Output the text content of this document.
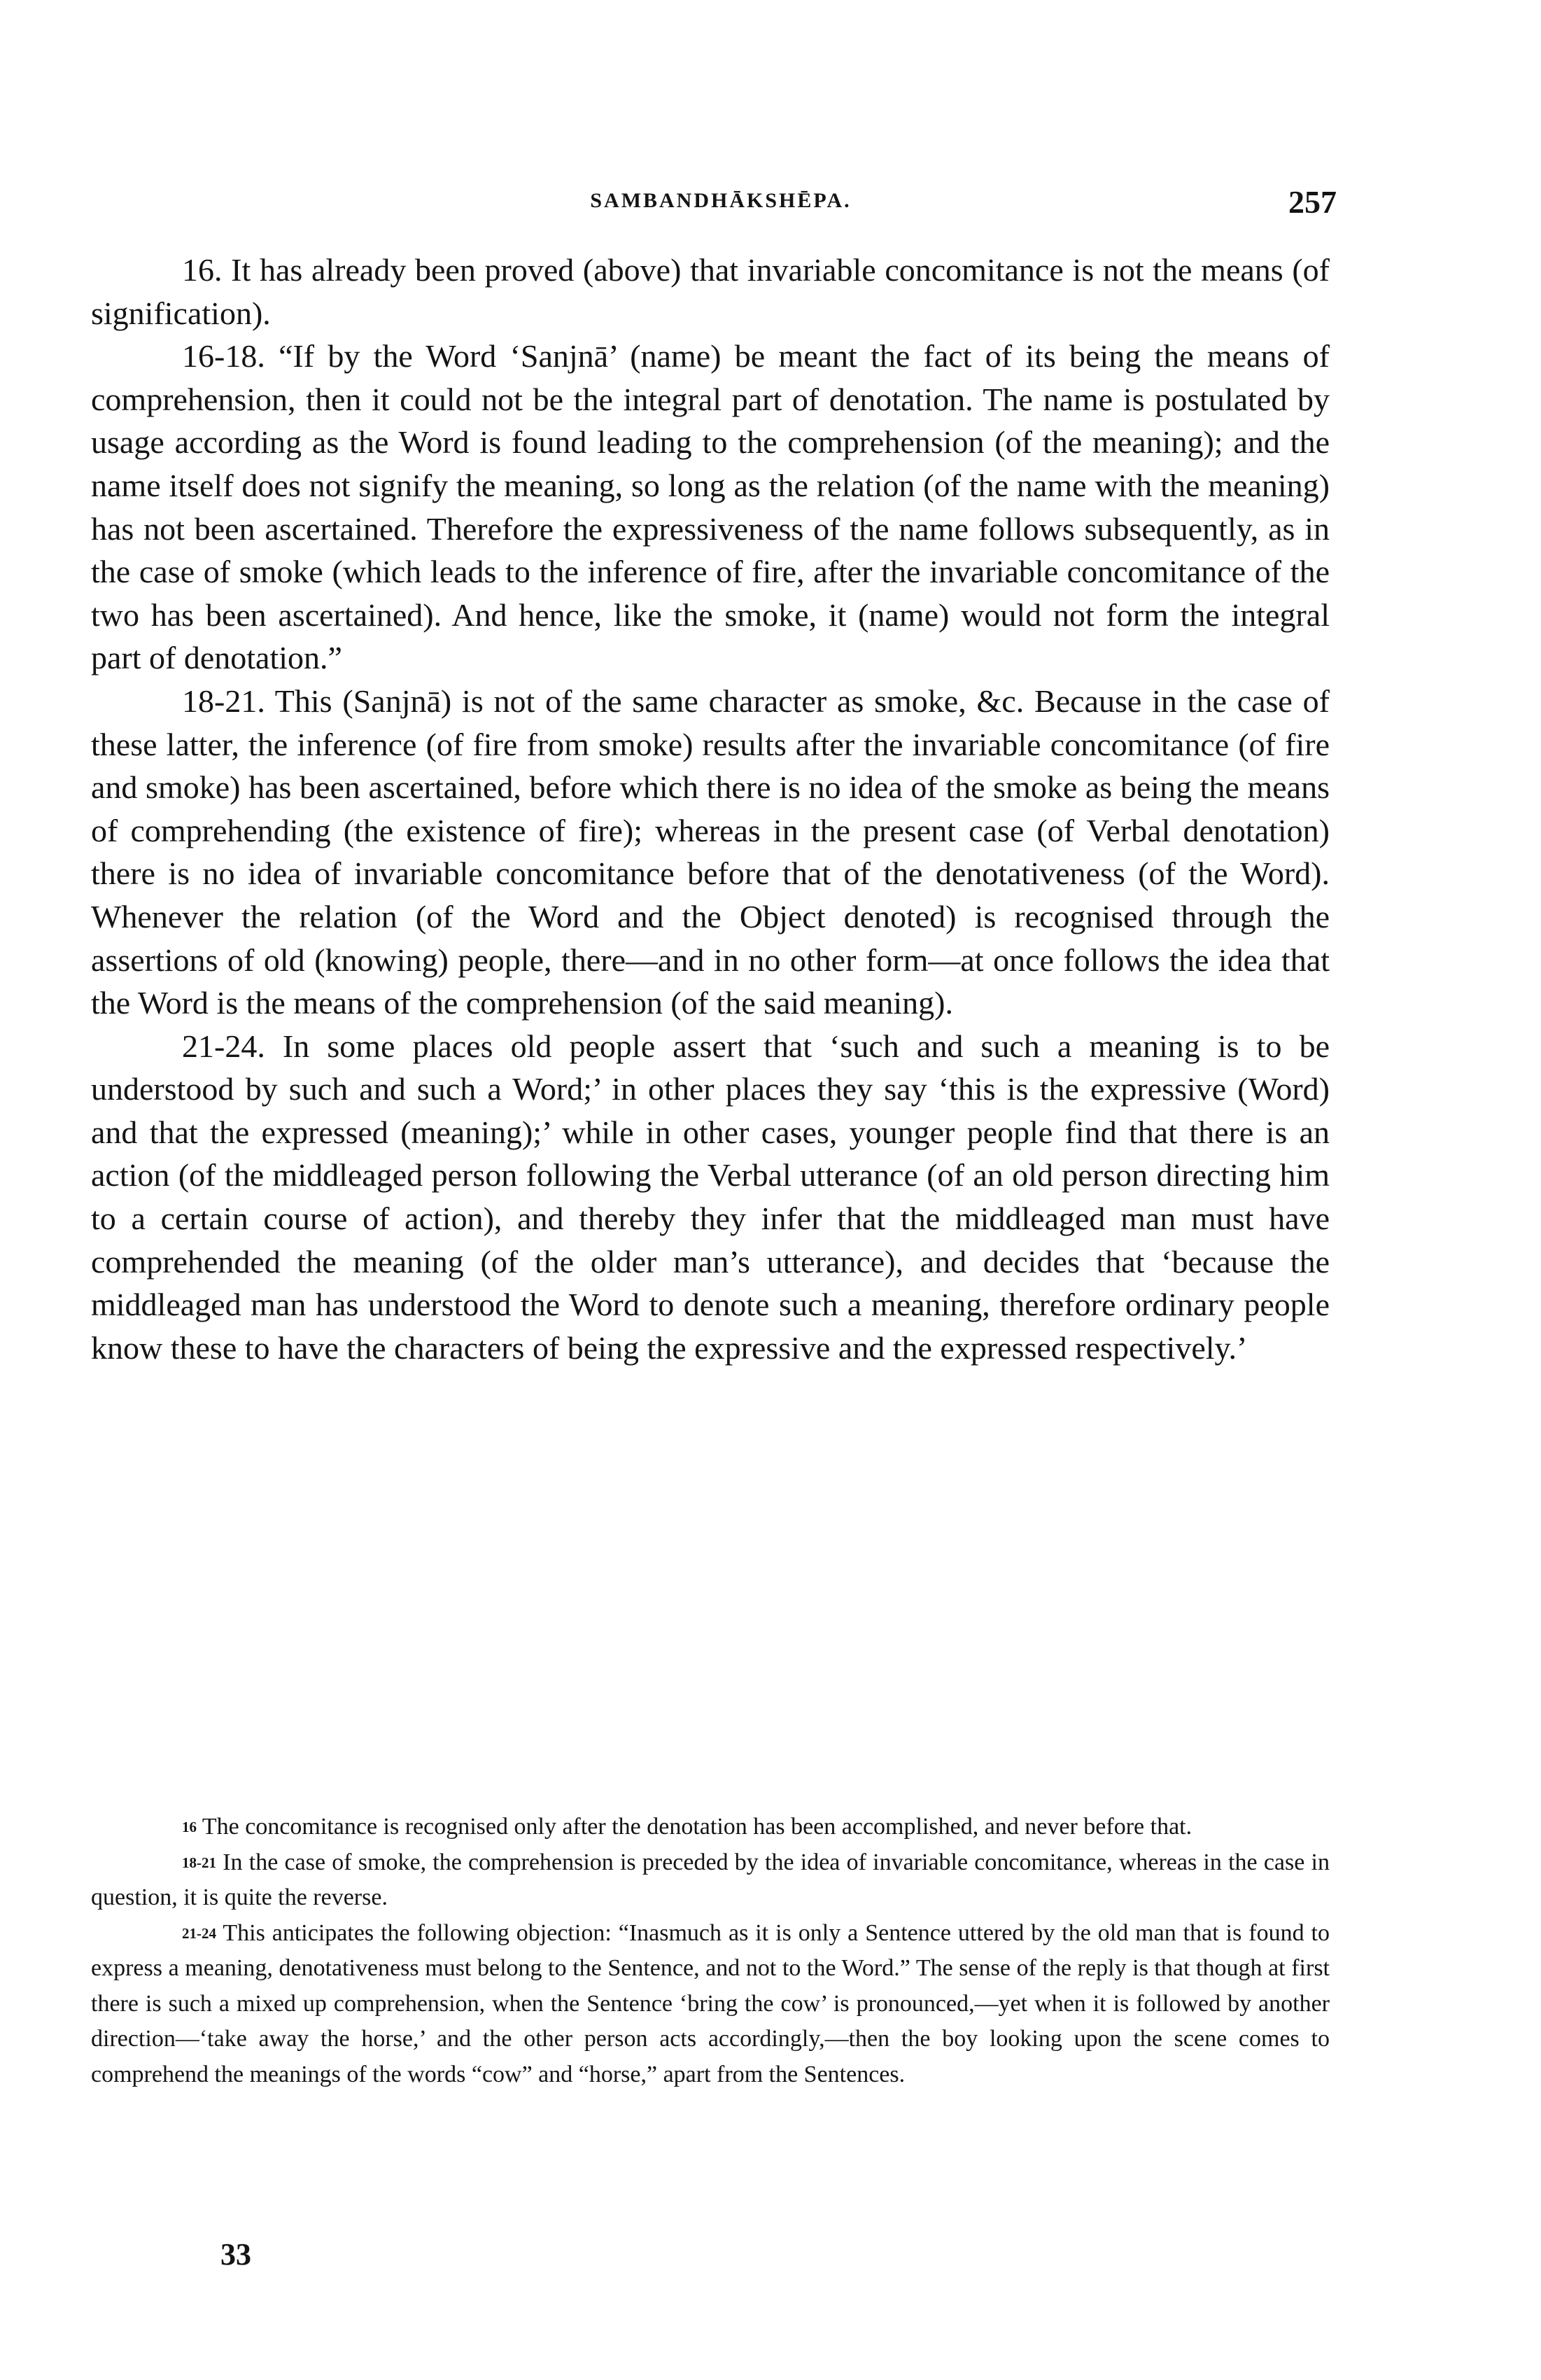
SAMBANDHĀKSHĒPA.	257

16. It has already been proved (above) that invariable concomitance is not the means (of signification).

16-18. “If by the Word ‘Sanjnā’ (name) be meant the fact of its being the means of comprehension, then it could not be the integral part of denotation. The name is postulated by usage according as the Word is found leading to the comprehension (of the meaning); and the name itself does not signify the meaning, so long as the relation (of the name with the meaning) has not been ascertained. Therefore the expressiveness of the name follows subsequently, as in the case of smoke (which leads to the inference of fire, after the invariable concomitance of the two has been ascertained). And hence, like the smoke, it (name) would not form the integral part of denotation.”

18-21. This (Sanjnā) is not of the same character as smoke, &c. Because in the case of these latter, the inference (of fire from smoke) results after the invariable concomitance (of fire and smoke) has been ascertained, before which there is no idea of the smoke as being the means of comprehending (the existence of fire); whereas in the present case (of Verbal denotation) there is no idea of invariable concomitance before that of the denotativeness (of the Word). Whenever the relation (of the Word and the Object denoted) is recognised through the assertions of old (knowing) people, there—and in no other form—at once follows the idea that the Word is the means of the comprehension (of the said meaning).

21-24. In some places old people assert that ‘such and such a meaning is to be understood by such and such a Word;’ in other places they say ‘this is the expressive (Word) and that the expressed (meaning);’ while in other cases, younger people find that there is an action (of the middleaged person following the Verbal utterance (of an old person directing him to a certain course of action), and thereby they infer that the middleaged man must have comprehended the meaning (of the older man’s utterance), and decides that ‘because the middleaged man has understood the Word to denote such a meaning, therefore ordinary people know these to have the characters of being the expressive and the expressed respectively.’

$^{16}$ The concomitance is recognised only after the denotation has been accomplished, and never before that.

$^{18-21}$ In the case of smoke, the comprehension is preceded by the idea of invariable concomitance, whereas in the case in question, it is quite the reverse.

$^{21-24}$ This anticipates the following objection: “Inasmuch as it is only a Sentence uttered by the old man that is found to express a meaning, denotativeness must belong to the Sentence, and not to the Word.” The sense of the reply is that though at first there is such a mixed up comprehension, when the Sentence ‘bring the cow’ is pronounced,—yet when it is followed by another direction—‘take away the horse,’ and the other person acts accordingly,—then the boy looking upon the scene comes to comprehend the meanings of the words “cow” and “horse,” apart from the Sentences.

33
